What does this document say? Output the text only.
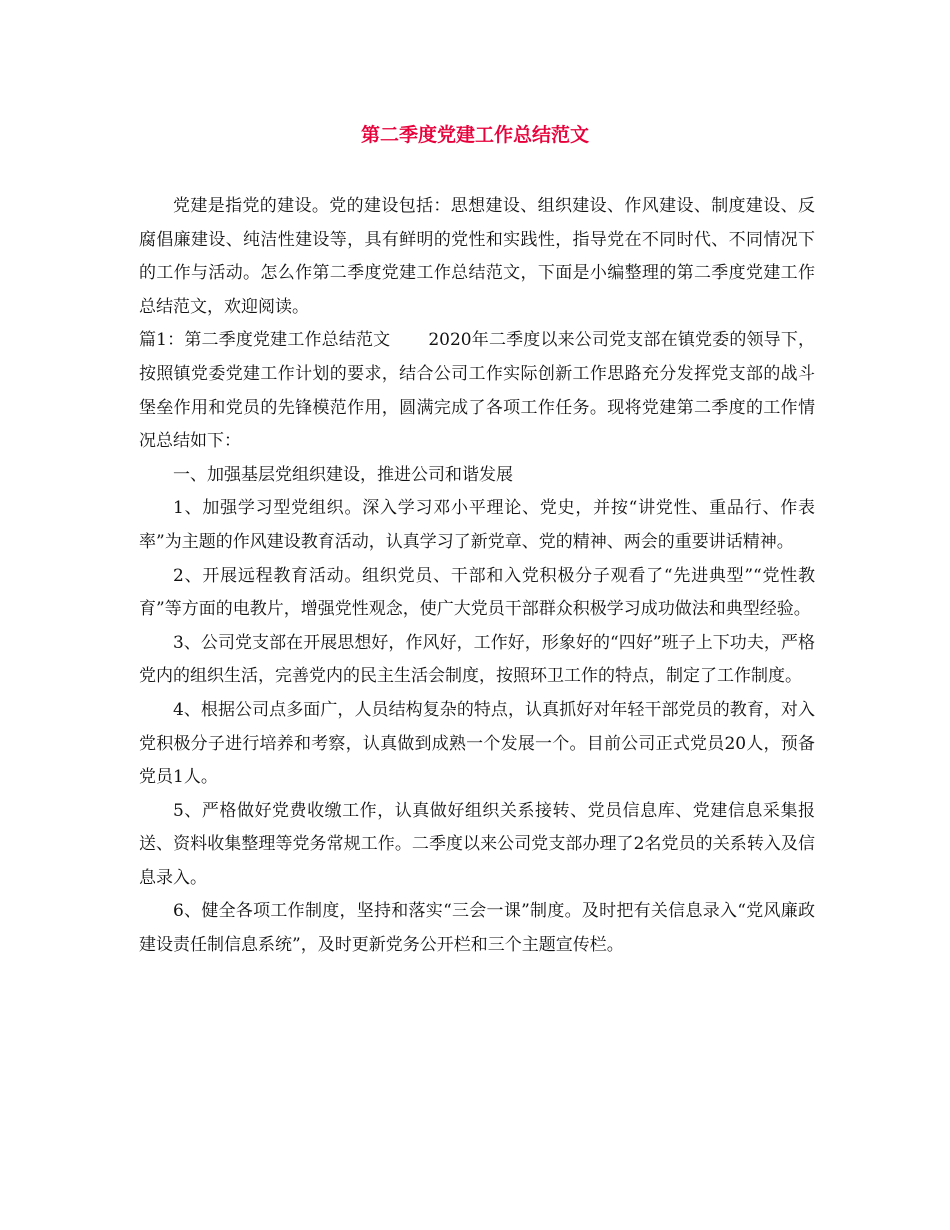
第二季度党建工作总结范文

党建是指党的建设。党的建设包括：思想建设、组织建设、作风建设、制度建设、反腐倡廉建设、纯洁性建设等，具有鲜明的党性和实践性，指导党在不同时代、不同情况下的工作与活动。怎么作第二季度党建工作总结范文，下面是小编整理的第二季度党建工作总结范文，欢迎阅读。

篇1：第二季度党建工作总结范文 2020年二季度以来公司党支部在镇党委的领导下，按照镇党委党建工作计划的要求，结合公司工作实际创新工作思路充分发挥党支部的战斗堡垒作用和党员的先锋模范作用，圆满完成了各项工作任务。现将党建第二季度的工作情况总结如下：

一、加强基层党组织建设，推进公司和谐发展

1、加强学习型党组织。深入学习邓小平理论、党史，并按“讲党性、重品行、作表率”为主题的作风建设教育活动，认真学习了新党章、党的精神、两会的重要讲话精神。

2、开展远程教育活动。组织党员、干部和入党积极分子观看了“先进典型”“党性教育”等方面的电教片，增强党性观念，使广大党员干部群众积极学习成功做法和典型经验。

3、公司党支部在开展思想好，作风好，工作好，形象好的“四好”班子上下功夫，严格党内的组织生活，完善党内的民主生活会制度，按照环卫工作的特点，制定了工作制度。

4、根据公司点多面广，人员结构复杂的特点，认真抓好对年轻干部党员的教育，对入党积极分子进行培养和考察，认真做到成熟一个发展一个。目前公司正式党员20人，预备党员1人。

5、严格做好党费收缴工作，认真做好组织关系接转、党员信息库、党建信息采集报送、资料收集整理等党务常规工作。二季度以来公司党支部办理了2名党员的关系转入及信息录入。

6、健全各项工作制度，坚持和落实“三会一课”制度。及时把有关信息录入“党风廉政建设责任制信息系统”，及时更新党务公开栏和三个主题宣传栏。
